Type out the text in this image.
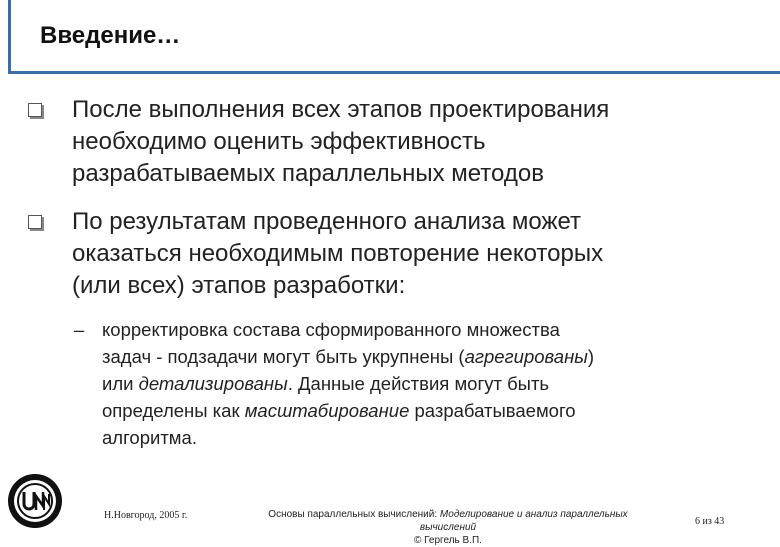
Введение…
После выполнения всех этапов проектирования
необходимо оценить эффективность
разрабатываемых параллельных методов
По результатам проведенного анализа может
оказаться необходимым повторение некоторых
(или всех) этапов разработки:
– корректировка состава сформированного множества
задач - подзадачи могут быть укрупнены (агрегированы)
или детализированы. Данные действия могут быть
определены как масштабирование разрабатываемого
алгоритма.
Н.Новгород, 2005 г.	Основы параллельных вычислений: Моделирование и анализ параллельных вычислений
© Гергель В.П.
6 из 43
